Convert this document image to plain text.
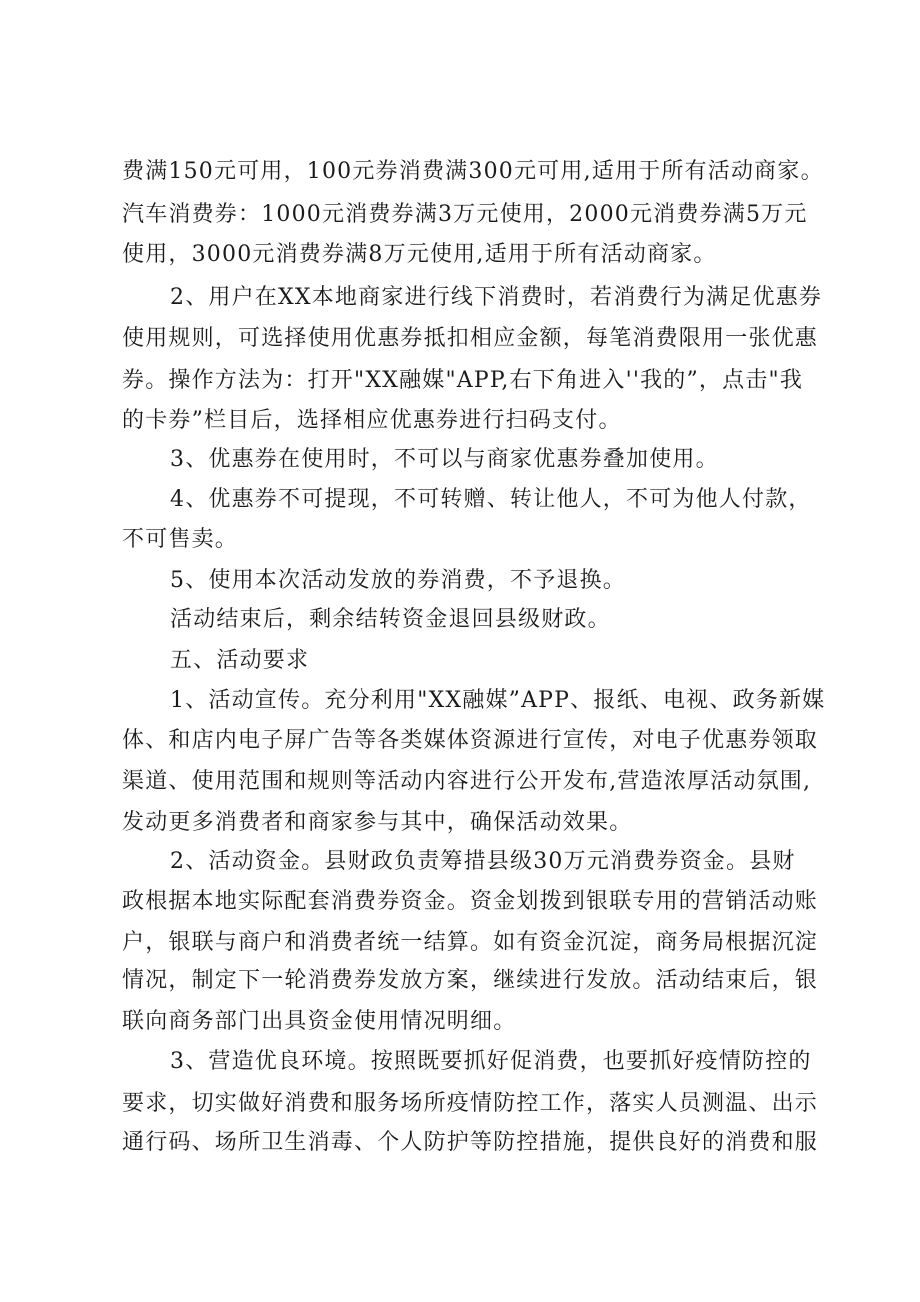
费满150元可用，100元券消费满300元可用,适用于所有活动商家。
汽车消费券：1000元消费券满3万元使用，2000元消费券满5万元
使用，3000元消费券满8万元使用,适用于所有活动商家。
2、用户在XX本地商家进行线下消费时，若消费行为满足优惠券
使用规则，可选择使用优惠券抵扣相应金额，每笔消费限用一张优惠
券。操作方法为：打开"XX融媒"APP,右下角进入''我的”，点击"我
的卡券”栏目后，选择相应优惠券进行扫码支付。
3、优惠券在使用时，不可以与商家优惠券叠加使用。
4、优惠券不可提现，不可转赠、转让他人，不可为他人付款，
不可售卖。
5、使用本次活动发放的券消费，不予退换。
活动结束后，剩余结转资金退回县级财政。
五、活动要求
1、活动宣传。充分利用"XX融媒”APP、报纸、电视、政务新媒
体、和店内电子屏广告等各类媒体资源进行宣传，对电子优惠券领取
渠道、使用范围和规则等活动内容进行公开发布,营造浓厚活动氛围,
发动更多消费者和商家参与其中，确保活动效果。
2、活动资金。县财政负责筹措县级30万元消费券资金。县财
政根据本地实际配套消费券资金。资金划拨到银联专用的营销活动账
户，银联与商户和消费者统一结算。如有资金沉淀，商务局根据沉淀
情况，制定下一轮消费券发放方案，继续进行发放。活动结束后，银
联向商务部门出具资金使用情况明细。
3、营造优良环境。按照既要抓好促消费，也要抓好疫情防控的
要求，切实做好消费和服务场所疫情防控工作，落实人员测温、出示
通行码、场所卫生消毒、个人防护等防控措施，提供良好的消费和服
